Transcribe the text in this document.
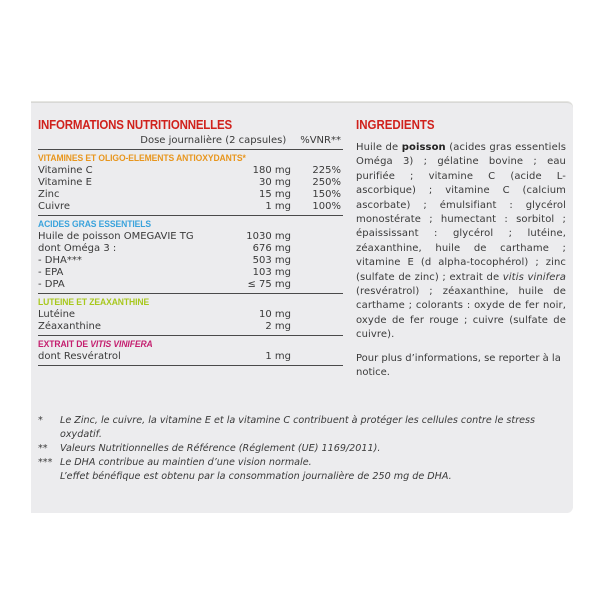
INFORMATIONS NUTRITIONNELLES
Dose journalière (2 capsules) %VNR**
VITAMINES ET OLIGO-ELEMENTS ANTIOXYDANTS*
Vitamine C	180 mg	225%
Vitamine E	30 mg	250%
Zinc	15 mg	150%
Cuivre	1 mg	100%
ACIDES GRAS ESSENTIELS
Huile de poisson OMEGAVIE TG	1030 mg
dont Oméga 3 :	676 mg
- DHA***	503 mg
- EPA	103 mg
- DPA	≤ 75 mg
LUTEINE ET ZEAXANTHINE
Lutéine	10 mg
Zéaxanthine	2 mg
EXTRAIT DE VITIS VINIFERA
dont Resvératrol	1 mg
INGREDIENTS
Huile de poisson (acides gras essentiels Oméga 3) ; gélatine bovine ; eau purifiée ; vitamine C (acide L-ascorbique) ; vitamine C (calcium ascorbate) ; émulsifiant : glycérol monostérate ; humectant : sorbitol ; épaississant : glycérol ; lutéine, zéaxanthine, huile de carthame ; vitamine E (d alpha-tocophérol) ; zinc (sulfate de zinc) ; extrait de vitis vinifera (resvératrol) ; zéaxanthine, huile de carthame ; colorants : oxyde de fer noir, oxyde de fer rouge ; cuivre (sulfate de cuivre).
Pour plus d’informations, se reporter à la notice.
*	Le Zinc, le cuivre, la vitamine E et la vitamine C contribuent à protéger les cellules contre le stress oxydatif.
**	Valeurs Nutritionnelles de Référence (Réglement (UE) 1169/2011).
*** Le DHA contribue au maintien d’une vision normale.
L’effet bénéfique est obtenu par la consommation journalière de 250 mg de DHA.
